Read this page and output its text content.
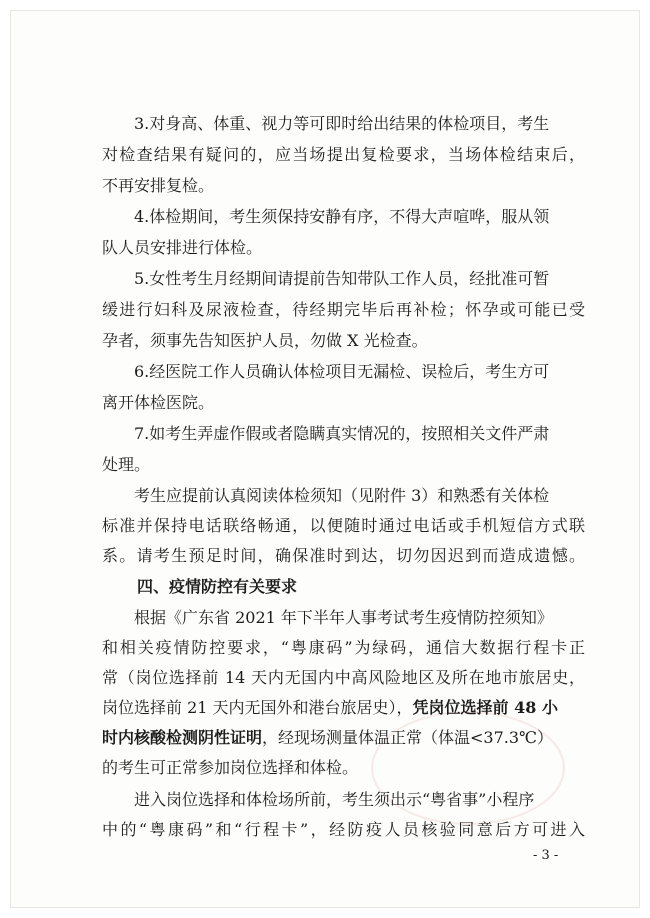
3.对身高、体重、视力等可即时给出结果的体检项目，考生

对检查结果有疑问的，应当场提出复检要求，当场体检结束后，

不再安排复检。

4.体检期间，考生须保持安静有序，不得大声喧哗，服从领

队人员安排进行体检。

5.女性考生月经期间请提前告知带队工作人员，经批准可暂

缓进行妇科及尿液检查，待经期完毕后再补检；怀孕或可能已受

孕者，须事先告知医护人员，勿做 X 光检查。

6.经医院工作人员确认体检项目无漏检、误检后，考生方可

离开体检医院。

7.如考生弄虚作假或者隐瞒真实情况的，按照相关文件严肃

处理。

考生应提前认真阅读体检须知（见附件 3）和熟悉有关体检

标准并保持电话联络畅通，以便随时通过电话或手机短信方式联

系。请考生预足时间，确保准时到达，切勿因迟到而造成遗憾。

四、疫情防控有关要求

根据《广东省 2021 年下半年人事考试考生疫情防控须知》

和相关疫情防控要求，“粤康码”为绿码，通信大数据行程卡正

常（岗位选择前 14 天内无国内中高风险地区及所在地市旅居史，

岗位选择前 21 天内无国外和港台旅居史），凭岗位选择前 48 小

时内核酸检测阴性证明，经现场测量体温正常（体温<37.3℃）

的考生可正常参加岗位选择和体检。

进入岗位选择和体检场所前，考生须出示“粤省事”小程序

中的“粤康码”和“行程卡”，经防疫人员核验同意后方可进入

- 3 -
